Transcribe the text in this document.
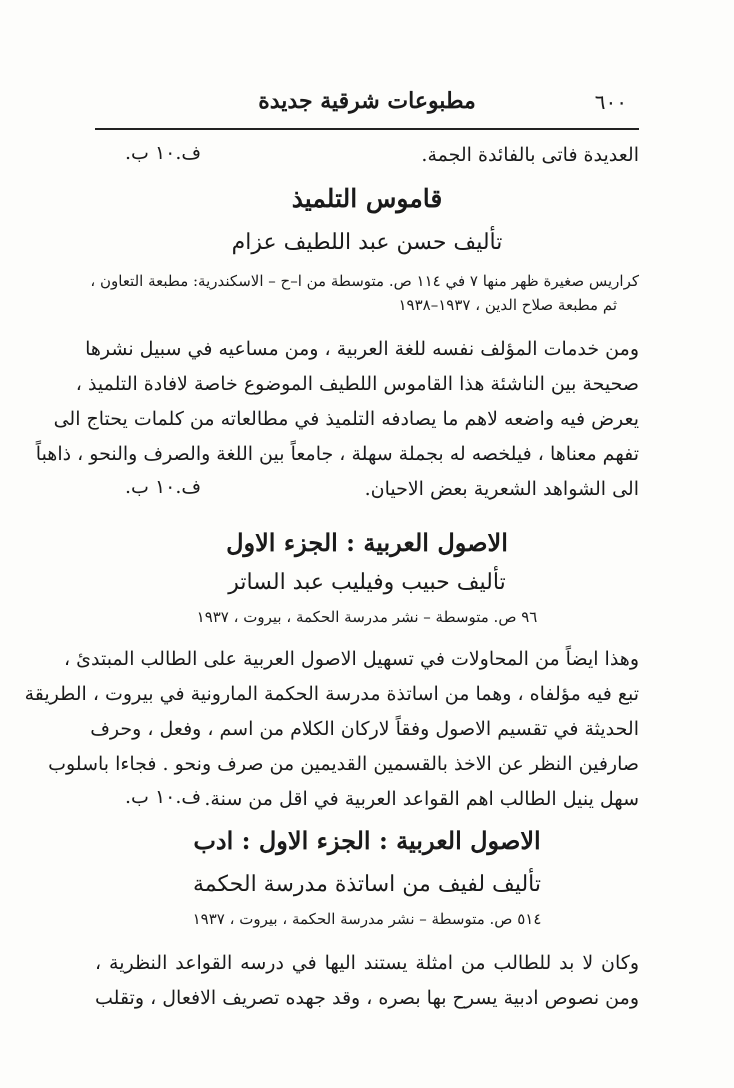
٦٠٠
مطبوعات شرقية جديدة
العديدة فاتى بالفائدة الجمة.
ف.١٠ ب.
قاموس التلميذ
تأليف حسن عبد اللطيف عزام
كراريس صغيرة ظهر منها ٧ في ١١٤ ص. متوسطة من ا–ح – الاسكندرية: مطبعة التعاون ،
ثم مطبعة صلاح الدين ، ١٩٣٧–١٩٣٨
ومن خدمات المؤلف نفسه للغة العربية ، ومن مساعيه في سبيل نشرها
صحيحة بين الناشئة هذا القاموس اللطيف الموضوع خاصة لافادة التلميذ ،
يعرض فيه واضعه لاهم ما يصادفه التلميذ في مطالعاته من كلمات يحتاج الى
تفهم معناها ، فيلخصه له بجملة سهلة ، جامعاً بين اللغة والصرف والنحو ، ذاهباً
الى الشواهد الشعرية بعض الاحيان.
ف.١٠ ب.
الاصول العربية : الجزء الاول
تأليف حبيب وفيليب عبد الساتر
٩٦ ص. متوسطة – نشر مدرسة الحكمة ، بيروت ، ١٩٣٧
وهذا ايضاً من المحاولات في تسهيل الاصول العربية على الطالب المبتدئ ،
تبع فيه مؤلفاه ، وهما من اساتذة مدرسة الحكمة المارونية في بيروت ، الطريقة
الحديثة في تقسيم الاصول وفقاً لاركان الكلام من اسم ، وفعل ، وحرف
صارفين النظر عن الاخذ بالقسمين القديمين من صرف ونحو . فجاءا باسلوب
سهل ينيل الطالب اهم القواعد العربية في اقل من سنة.
ف.١٠ ب.
الاصول العربية : الجزء الاول : ادب
تأليف لفيف من اساتذة مدرسة الحكمة
٥١٤ ص. متوسطة – نشر مدرسة الحكمة ، بيروت ، ١٩٣٧
وكان لا بد للطالب من امثلة يستند اليها في درسه القواعد النظرية ،
ومن نصوص ادبية يسرح بها بصره ، وقد جهده تصريف الافعال ، وتقلب
